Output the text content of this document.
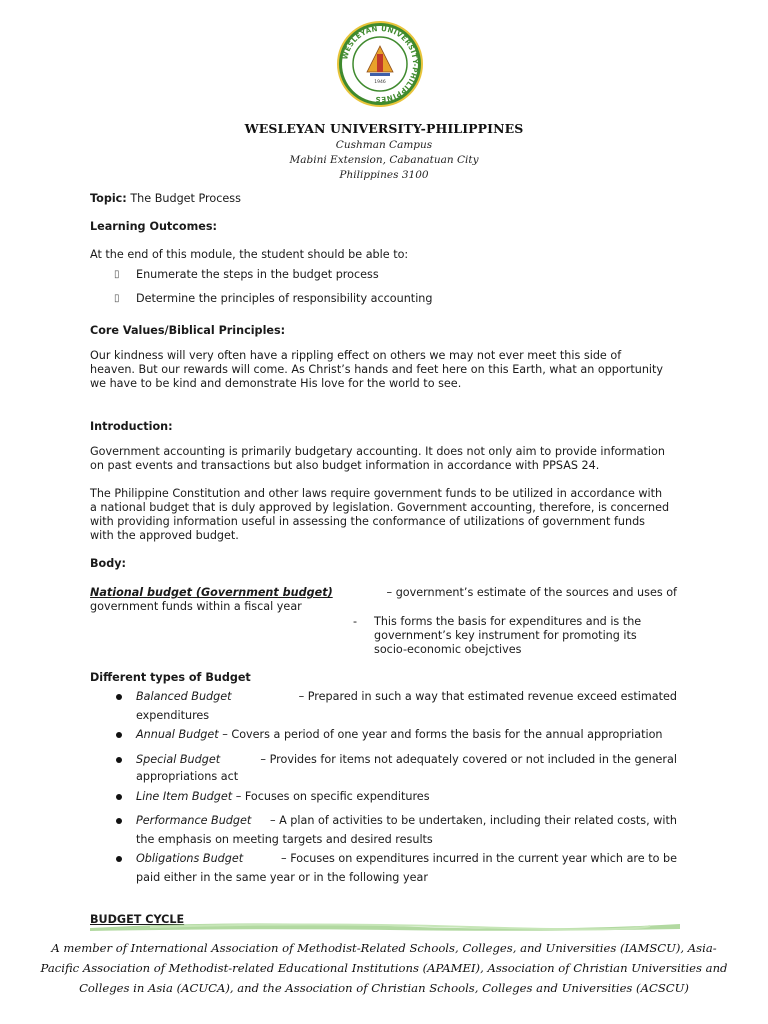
WESLEYAN UNIVERSITY-PHILIPPINES
1946
WESLEYAN UNIVERSITY-PHILIPPINES
Cushman Campus
Mabini Extension, Cabanatuan City
Philippines 3100
Topic: The Budget Process
Learning Outcomes:
At the end of this module, the student should be able to:
▯ Enumerate the steps in the budget process
▯ Determine the principles of responsibility accounting
Core Values/Biblical Principles:
Our kindness will very often have a rippling effect on others we may not ever meet this side of
heaven. But our rewards will come. As Christ’s hands and feet here on this Earth, what an opportunity
we have to be kind and demonstrate His love for the world to see.
Introduction:
Government accounting is primarily budgetary accounting. It does not only aim to provide information
on past events and transactions but also budget information in accordance with PPSAS 24.
The Philippine Constitution and other laws require government funds to be utilized in accordance with
a national budget that is duly approved by legislation. Government accounting, therefore, is concerned
with providing information useful in assessing the conformance of utilizations of government funds
with the approved budget.
Body:
National budget (Government budget)	– government’s estimate of the sources and uses of
government funds within a fiscal year
- This forms the basis for expenditures and is the
government’s key instrument for promoting its
socio-economic obejctives
Different types of Budget
Balanced Budget	– Prepared in such a way that estimated revenue exceed estimated
expenditures
Annual Budget – Covers a period of one year and forms the basis for the annual appropriation
Special Budget	– Provides for items not adequately covered or not included in the general
appropriations act
Line Item Budget – Focuses on specific expenditures
Performance Budget – A plan of activities to be undertaken, including their related costs, with
the emphasis on meeting targets and desired results
Obligations Budget	– Focuses on expenditures incurred in the current year which are to be
paid either in the same year or in the following year
BUDGET CYCLE
A member of International Association of Methodist-Related Schools, Colleges, and Universities (IAMSCU), Asia-
Pacific Association of Methodist-related Educational Institutions (APAMEI), Association of Christian Universities and
Colleges in Asia (ACUCA), and the Association of Christian Schools, Colleges and Universities (ACSCU)
